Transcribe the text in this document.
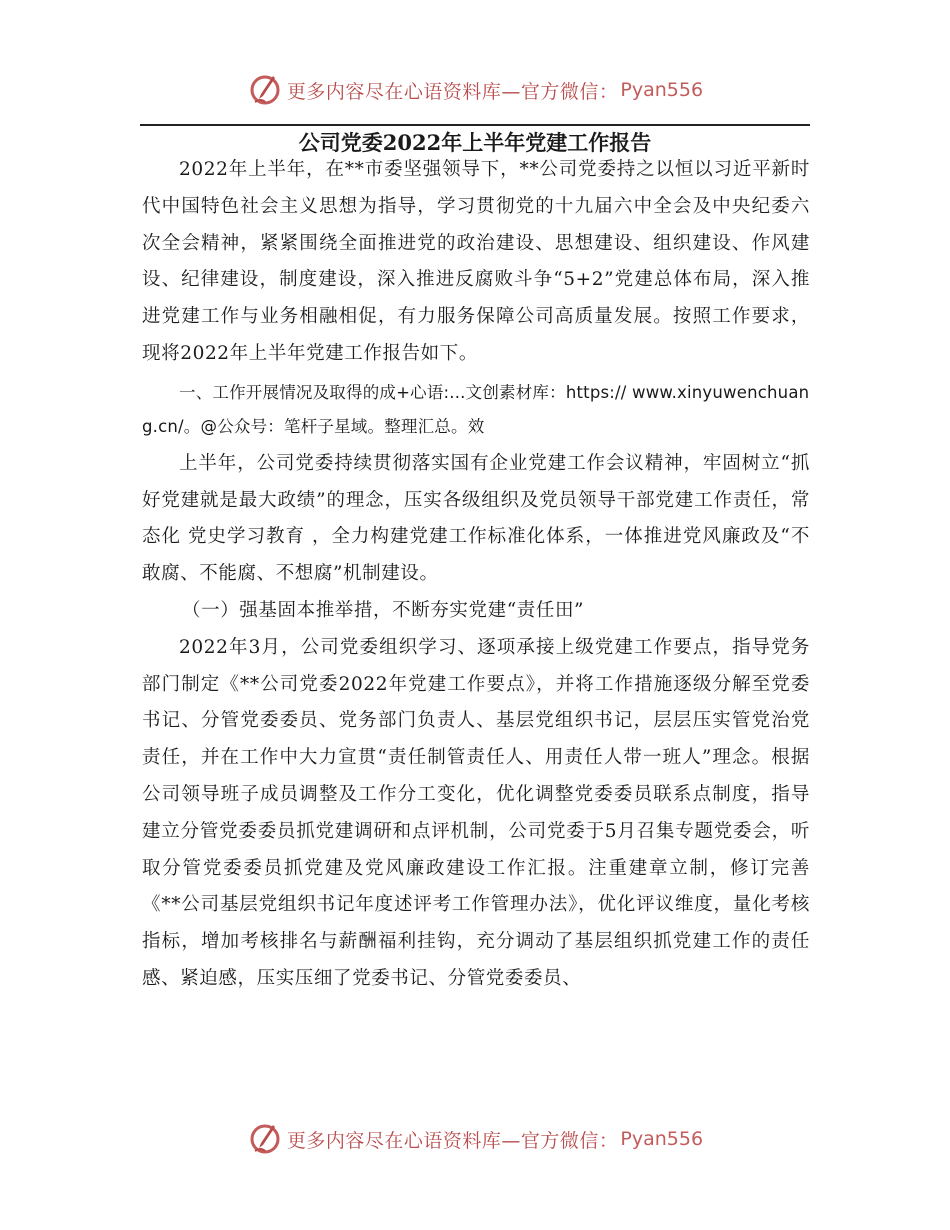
更多内容尽在心语资料库—官方微信： Pyan556
公司党委2022年上半年党建工作报告

2022年上半年，在**市委坚强领导下，**公司党委持之以恒以习近平新时代中国特色社会主义思想为指导，学习贯彻党的十九届六中全会及中央纪委六次全会精神，紧紧围绕全面推进党的政治建设、思想建设、组织建设、作风建设、纪律建设，制度建设，深入推进反腐败斗争“5+2”党建总体布局，深入推进党建工作与业务相融相促，有力服务保障公司高质量发展。按照工作要求，现将2022年上半年党建工作报告如下。

一、工作开展情况及取得的成+心语:...文创素材库：https:// www.xinyuwenchuang.cn/。@公众号：笔杆子星域。整理汇总。效

上半年，公司党委持续贯彻落实国有企业党建工作会议精神，牢固树立“抓好党建就是最大政绩”的理念，压实各级组织及党员领导干部党建工作责任，常态化 党史学习教育 ，全力构建党建工作标准化体系，一体推进党风廉政及“不敢腐、不能腐、不想腐”机制建设。

（一）强基固本推举措，不断夯实党建“责任田”

2022年3月，公司党委组织学习、逐项承接上级党建工作要点，指导党务部门制定《**公司党委2022年党建工作要点》，并将工作措施逐级分解至党委书记、分管党委委员、党务部门负责人、基层党组织书记，层层压实管党治党责任，并在工作中大力宣贯“责任制管责任人、用责任人带一班人”理念。根据公司领导班子成员调整及工作分工变化，优化调整党委委员联系点制度，指导建立分管党委委员抓党建调研和点评机制，公司党委于5月召集专题党委会，听取分管党委委员抓党建及党风廉政建设工作汇报。注重建章立制，修订完善《**公司基层党组织书记年度述评考工作管理办法》，优化评议维度，量化考核指标，增加考核排名与薪酬福利挂钩，充分调动了基层组织抓党建工作的责任感、紧迫感，压实压细了党委书记、分管党委委员、

更多内容尽在心语资料库—官方微信： Pyan556
